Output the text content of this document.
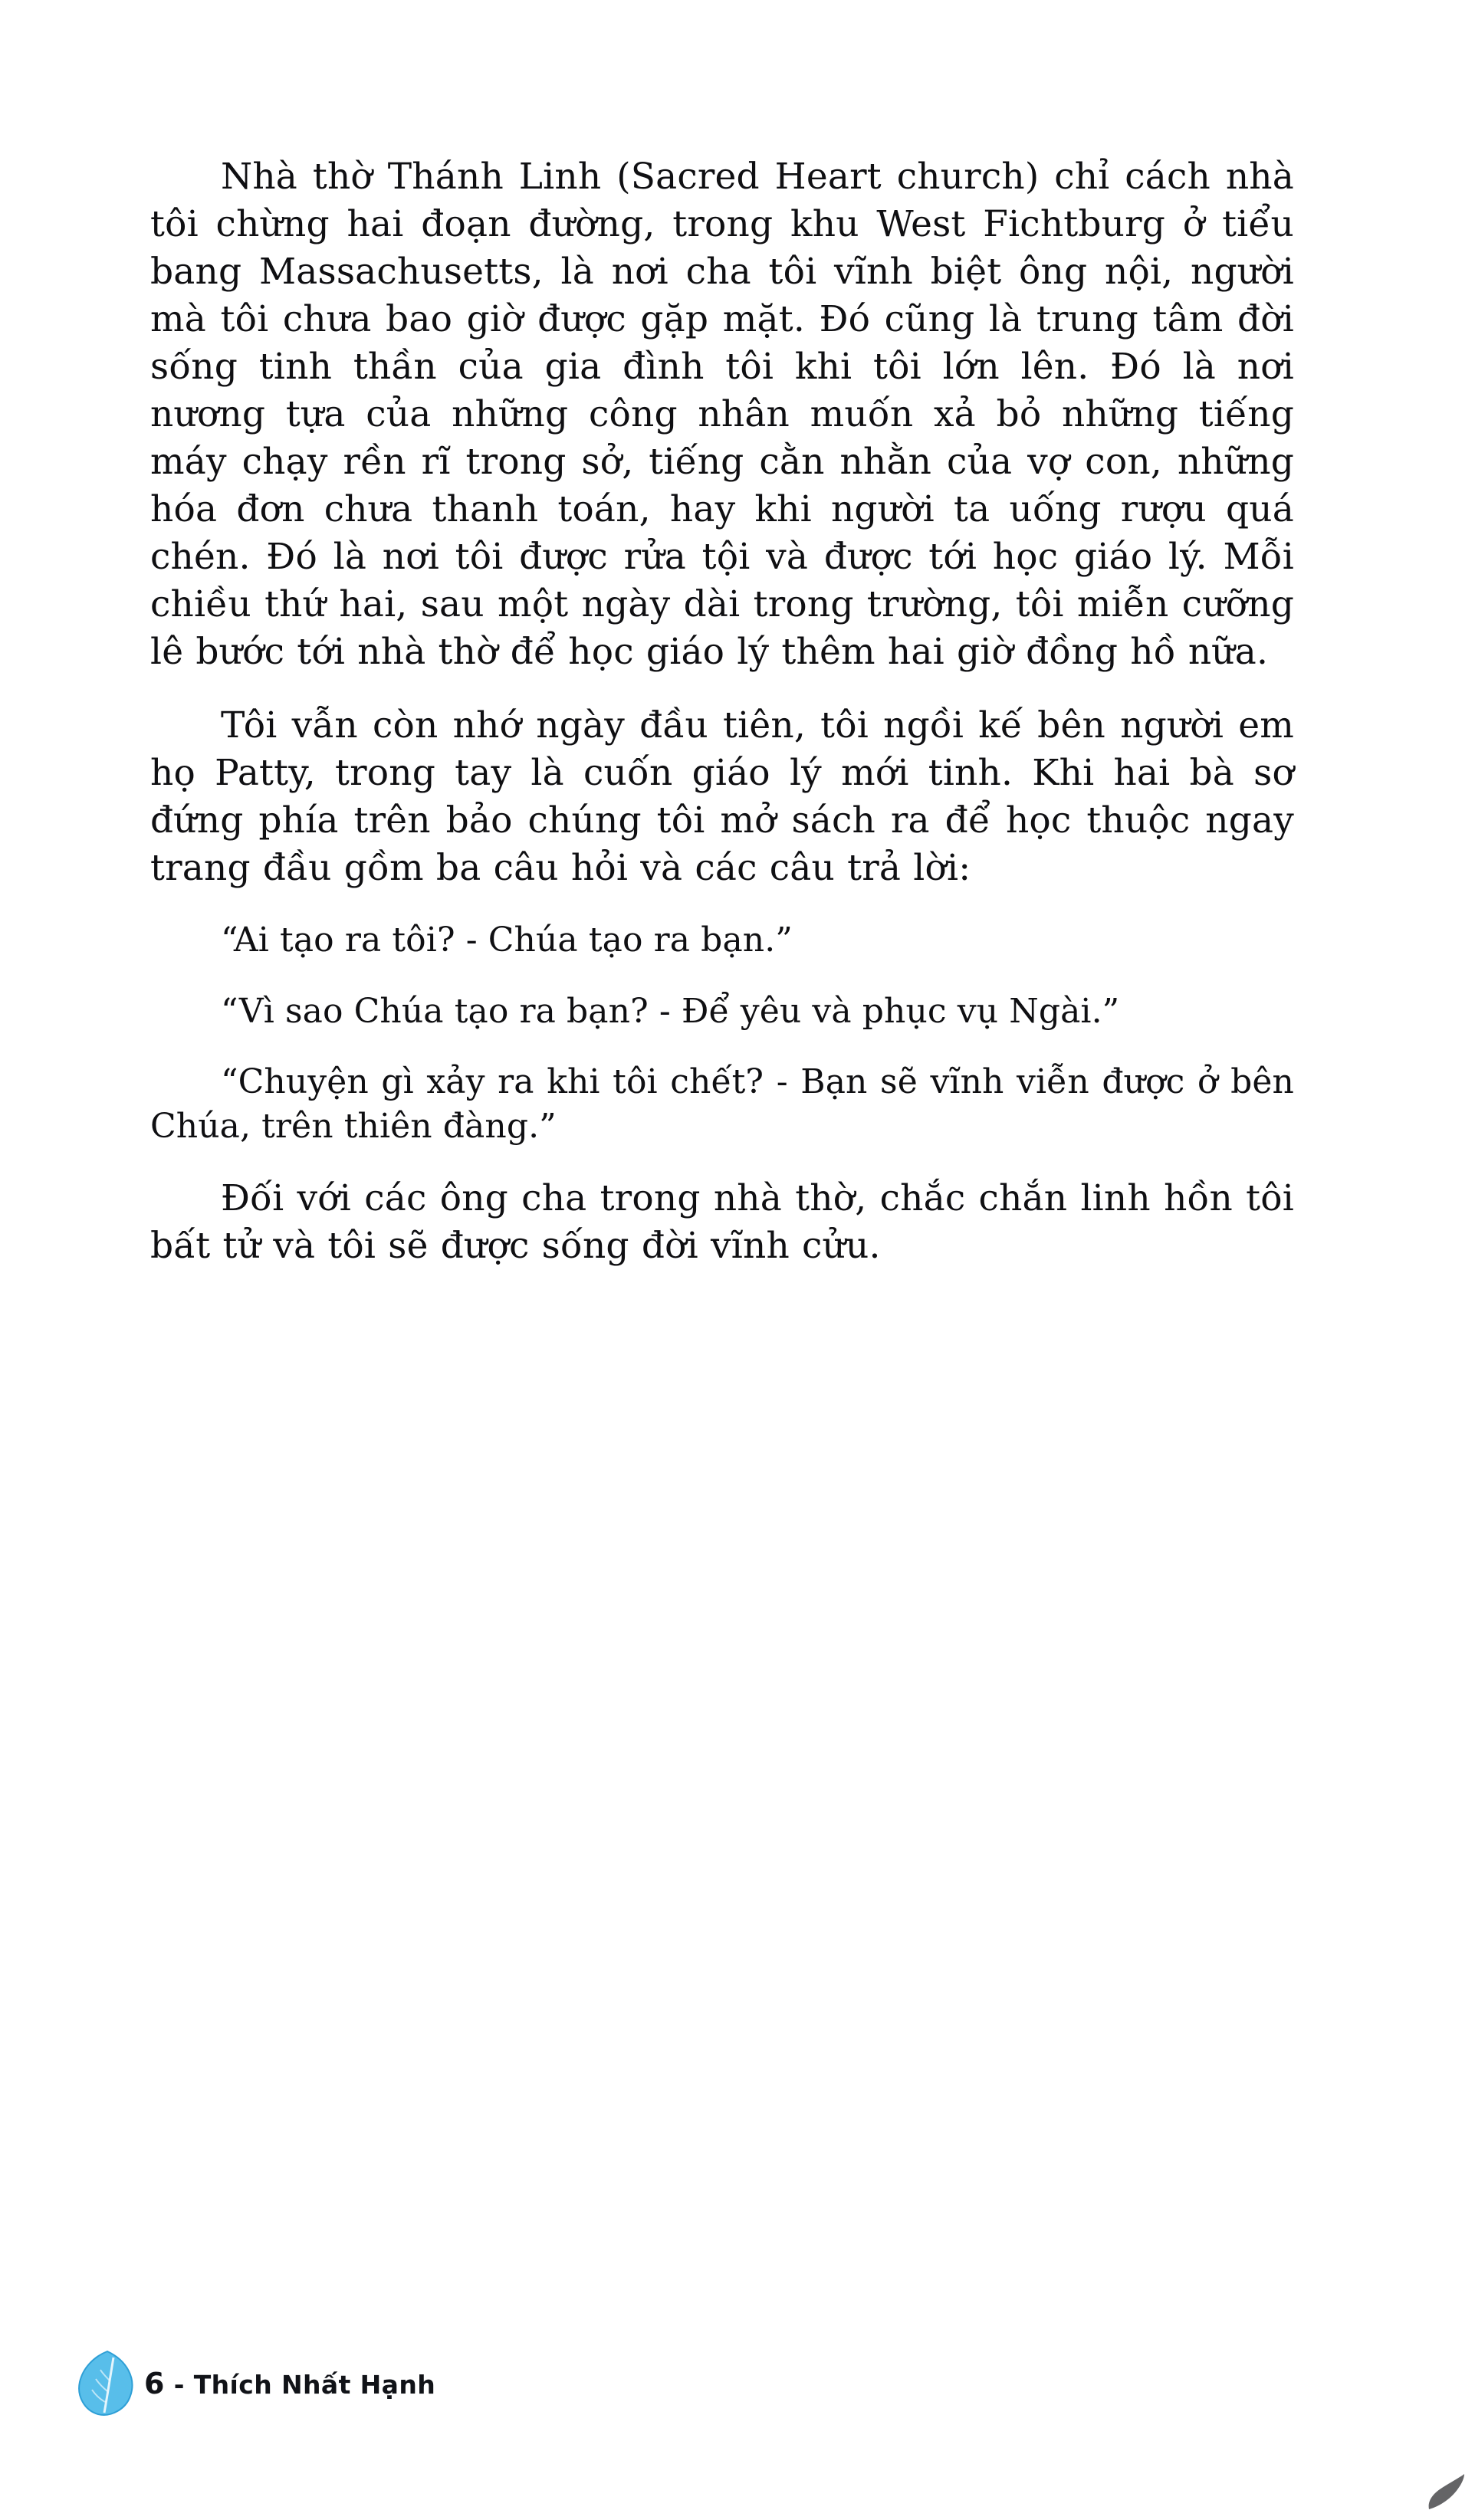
Nhà thờ Thánh Linh (Sacred Heart church) chỉ cách nhà tôi chừng hai đoạn đường, trong khu West Fichtburg ở tiểu bang Massachusetts, là nơi cha tôi vĩnh biệt ông nội, người mà tôi chưa bao giờ được gặp mặt. Đó cũng là trung tâm đời sống tinh thần của gia đình tôi khi tôi lớn lên. Đó là nơi nương tựa của những công nhân muốn xả bỏ những tiếng máy chạy rền rĩ trong sở, tiếng cằn nhằn của vợ con, những hóa đơn chưa thanh toán, hay khi người ta uống rượu quá chén. Đó là nơi tôi được rửa tội và được tới học giáo lý. Mỗi chiều thứ hai, sau một ngày dài trong trường, tôi miễn cưỡng lê bước tới nhà thờ để học giáo lý thêm hai giờ đồng hồ nữa.

Tôi vẫn còn nhớ ngày đầu tiên, tôi ngồi kế bên người em họ Patty, trong tay là cuốn giáo lý mới tinh. Khi hai bà sơ đứng phía trên bảo chúng tôi mở sách ra để học thuộc ngay trang đầu gồm ba câu hỏi và các câu trả lời:

“Ai tạo ra tôi? - Chúa tạo ra bạn.”

“Vì sao Chúa tạo ra bạn? - Để yêu và phục vụ Ngài.”

“Chuyện gì xảy ra khi tôi chết? - Bạn sẽ vĩnh viễn được ở bên Chúa, trên thiên đàng.”

Đối với các ông cha trong nhà thờ, chắc chắn linh hồn tôi bất tử và tôi sẽ được sống đời vĩnh cửu.

6 - Thích Nhất Hạnh
